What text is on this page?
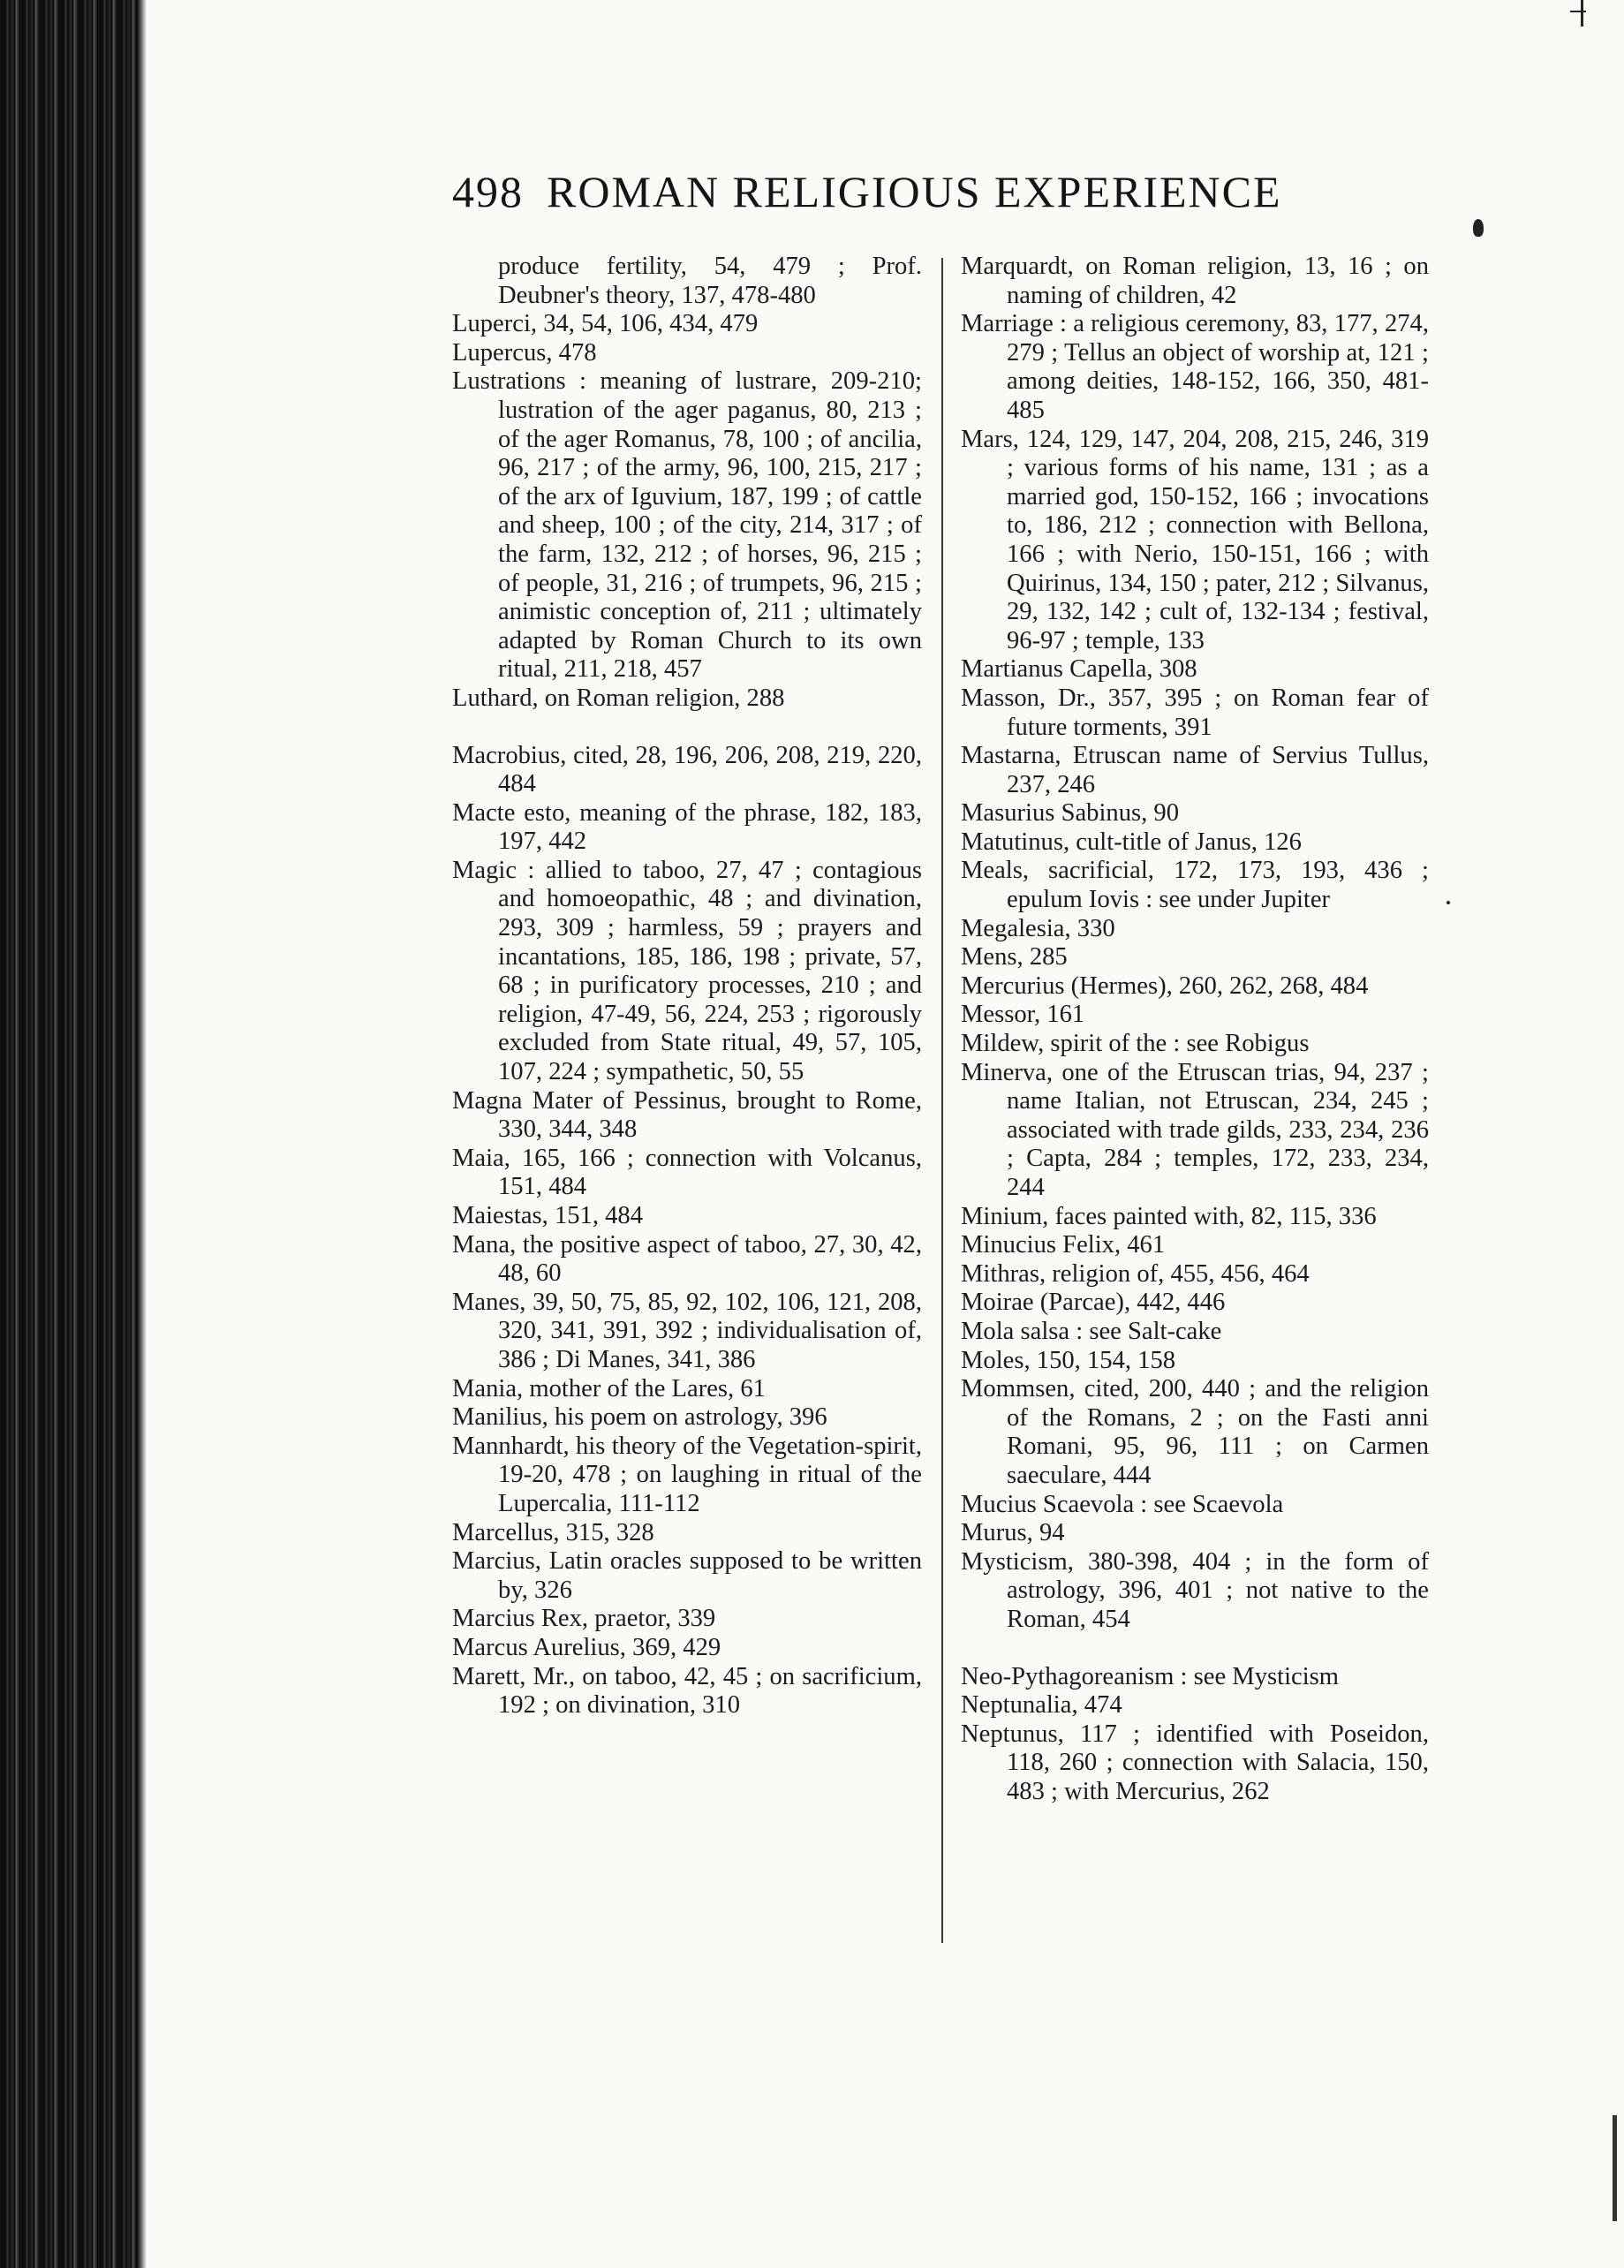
498 ROMAN RELIGIOUS EXPERIENCE

produce fertility, 54, 479 ; Prof. Deubner's theory, 137, 478-480

Luperci, 34, 54, 106, 434, 479

Lupercus, 478

Lustrations : meaning of lustrare, 209-210; lustration of the ager paganus, 80, 213 ; of the ager Romanus, 78, 100 ; of ancilia, 96, 217 ; of the army, 96, 100, 215, 217 ; of the arx of Iguvium, 187, 199 ; of cattle and sheep, 100 ; of the city, 214, 317 ; of the farm, 132, 212 ; of horses, 96, 215 ; of people, 31, 216 ; of trumpets, 96, 215 ; animistic conception of, 211 ; ultimately adapted by Roman Church to its own ritual, 211, 218, 457

Luthard, on Roman religion, 288

Macrobius, cited, 28, 196, 206, 208, 219, 220, 484

Macte esto, meaning of the phrase, 182, 183, 197, 442

Magic : allied to taboo, 27, 47 ; contagious and homoeopathic, 48 ; and divination, 293, 309 ; harmless, 59 ; prayers and incantations, 185, 186, 198 ; private, 57, 68 ; in purificatory processes, 210 ; and religion, 47-49, 56, 224, 253 ; rigorously excluded from State ritual, 49, 57, 105, 107, 224 ; sympathetic, 50, 55

Magna Mater of Pessinus, brought to Rome, 330, 344, 348

Maia, 165, 166 ; connection with Volcanus, 151, 484

Maiestas, 151, 484

Mana, the positive aspect of taboo, 27, 30, 42, 48, 60

Manes, 39, 50, 75, 85, 92, 102, 106, 121, 208, 320, 341, 391, 392 ; individualisation of, 386 ; Di Manes, 341, 386

Mania, mother of the Lares, 61

Manilius, his poem on astrology, 396

Mannhardt, his theory of the Vegetation-spirit, 19-20, 478 ; on laughing in ritual of the Lupercalia, 111-112

Marcellus, 315, 328

Marcius, Latin oracles supposed to be written by, 326

Marcius Rex, praetor, 339

Marcus Aurelius, 369, 429

Marett, Mr., on taboo, 42, 45 ; on sacrificium, 192 ; on divination, 310

Marquardt, on Roman religion, 13, 16 ; on naming of children, 42

Marriage : a religious ceremony, 83, 177, 274, 279 ; Tellus an object of worship at, 121 ; among deities, 148-152, 166, 350, 481-485

Mars, 124, 129, 147, 204, 208, 215, 246, 319 ; various forms of his name, 131 ; as a married god, 150-152, 166 ; invocations to, 186, 212 ; connection with Bellona, 166 ; with Nerio, 150-151, 166 ; with Quirinus, 134, 150 ; pater, 212 ; Silvanus, 29, 132, 142 ; cult of, 132-134 ; festival, 96-97 ; temple, 133

Martianus Capella, 308

Masson, Dr., 357, 395 ; on Roman fear of future torments, 391

Mastarna, Etruscan name of Servius Tullus, 237, 246

Masurius Sabinus, 90

Matutinus, cult-title of Janus, 126

Meals, sacrificial, 172, 173, 193, 436 ; epulum Iovis : see under Jupiter

Megalesia, 330

Mens, 285

Mercurius (Hermes), 260, 262, 268, 484

Messor, 161

Mildew, spirit of the : see Robigus

Minerva, one of the Etruscan trias, 94, 237 ; name Italian, not Etruscan, 234, 245 ; associated with trade gilds, 233, 234, 236 ; Capta, 284 ; temples, 172, 233, 234, 244

Minium, faces painted with, 82, 115, 336

Minucius Felix, 461

Mithras, religion of, 455, 456, 464

Moirae (Parcae), 442, 446

Mola salsa : see Salt-cake

Moles, 150, 154, 158

Mommsen, cited, 200, 440 ; and the religion of the Romans, 2 ; on the Fasti anni Romani, 95, 96, 111 ; on Carmen saeculare, 444

Mucius Scaevola : see Scaevola

Murus, 94

Mysticism, 380-398, 404 ; in the form of astrology, 396, 401 ; not native to the Roman, 454

Neo-Pythagoreanism : see Mysticism

Neptunalia, 474

Neptunus, 117 ; identified with Poseidon, 118, 260 ; connection with Salacia, 150, 483 ; with Mercurius, 262
